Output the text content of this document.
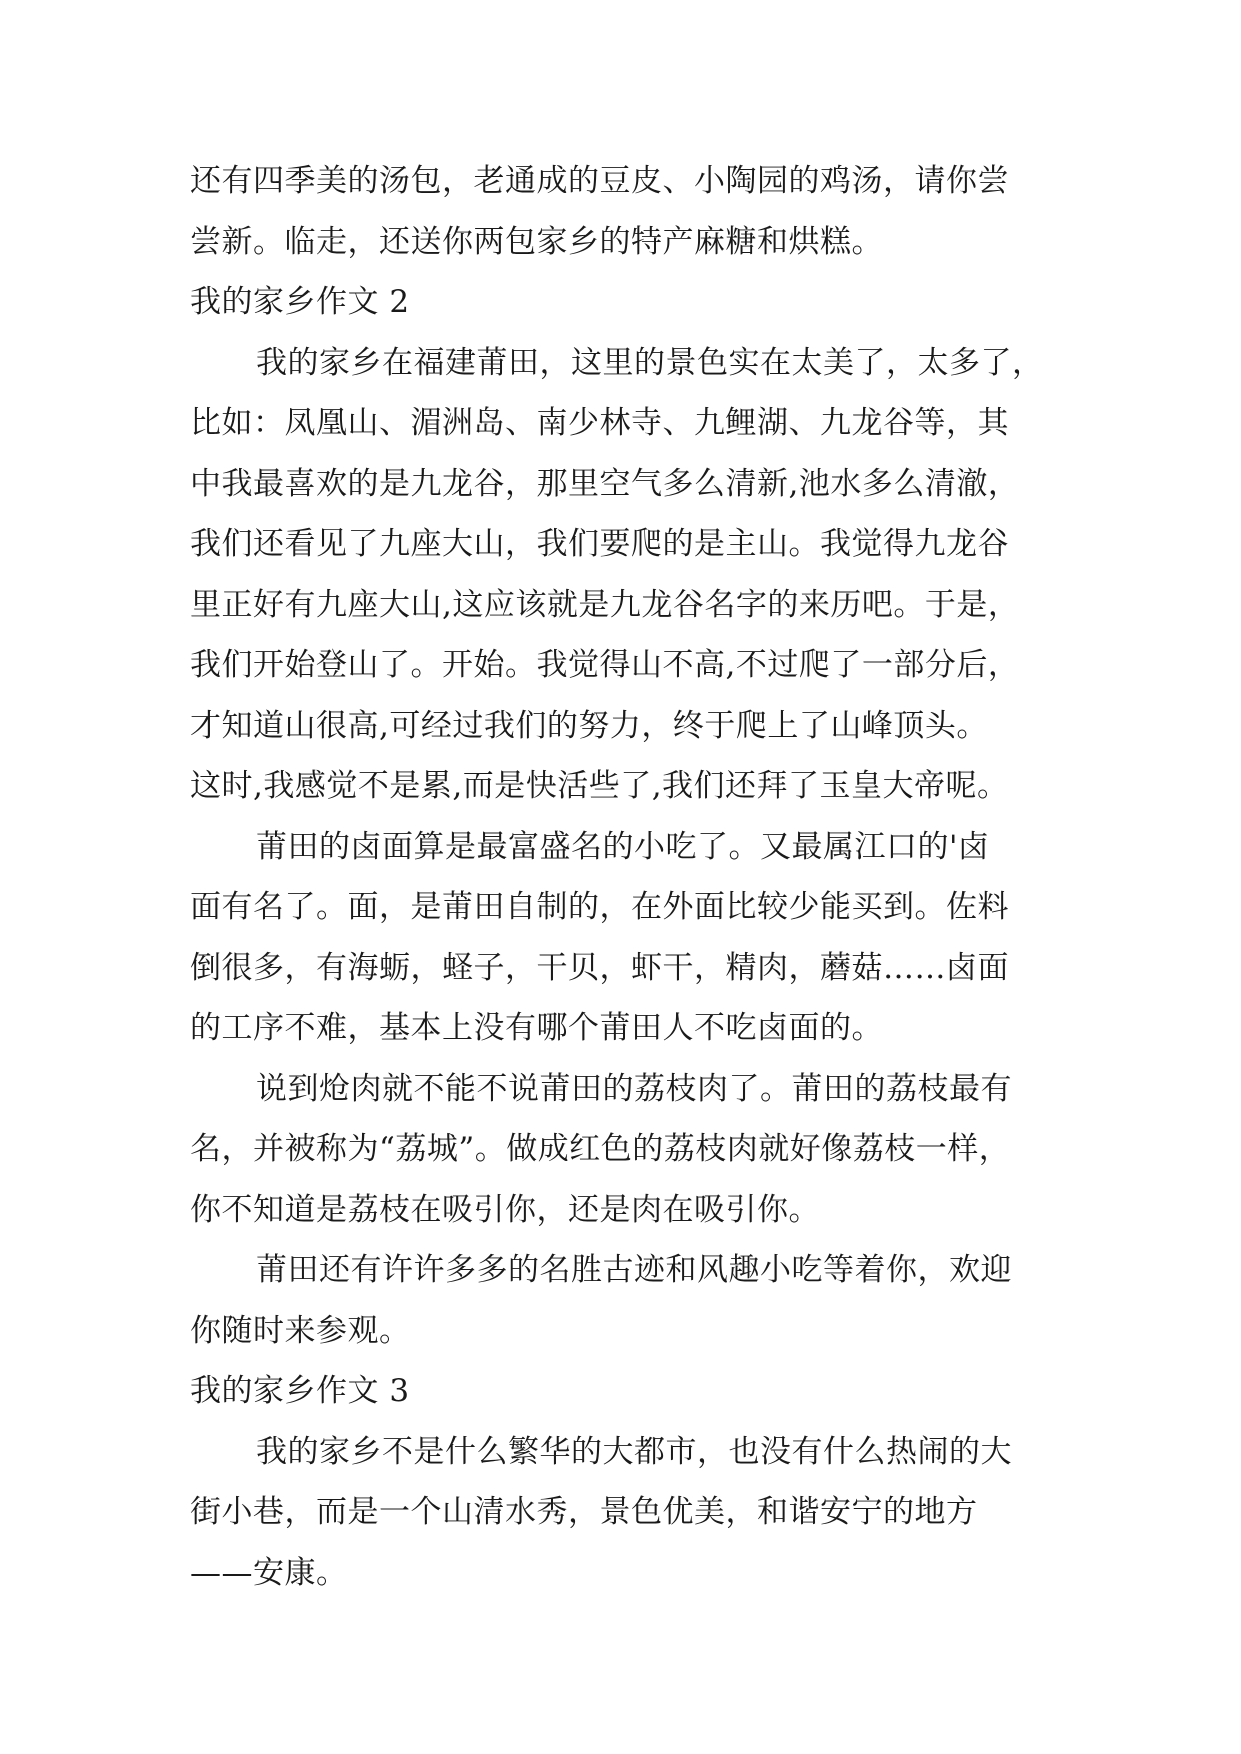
还有四季美的汤包，老通成的豆皮、小陶园的鸡汤，请你尝
尝新。临走，还送你两包家乡的特产麻糖和烘糕。
我的家乡作文 2
我的家乡在福建莆田，这里的景色实在太美了，太多了，
比如：凤凰山、湄洲岛、南少林寺、九鲤湖、九龙谷等，其
中我最喜欢的是九龙谷，那里空气多么清新,池水多么清澈，
我们还看见了九座大山，我们要爬的是主山。我觉得九龙谷
里正好有九座大山,这应该就是九龙谷名字的来历吧。于是，
我们开始登山了。开始。我觉得山不高,不过爬了一部分后，
才知道山很高,可经过我们的努力，终于爬上了山峰顶头。
这时,我感觉不是累,而是快活些了,我们还拜了玉皇大帝呢。
莆田的卤面算是最富盛名的小吃了。又最属江口的'卤
面有名了。面，是莆田自制的，在外面比较少能买到。佐料
倒很多，有海蛎，蛏子，干贝，虾干，精肉，蘑菇……卤面
的工序不难，基本上没有哪个莆田人不吃卤面的。
说到炝肉就不能不说莆田的荔枝肉了。莆田的荔枝最有
名，并被称为“荔城”。做成红色的荔枝肉就好像荔枝一样，
你不知道是荔枝在吸引你，还是肉在吸引你。
莆田还有许许多多的名胜古迹和风趣小吃等着你，欢迎
你随时来参观。
我的家乡作文 3
我的家乡不是什么繁华的大都市，也没有什么热闹的大
街小巷，而是一个山清水秀，景色优美，和谐安宁的地方
——安康。
